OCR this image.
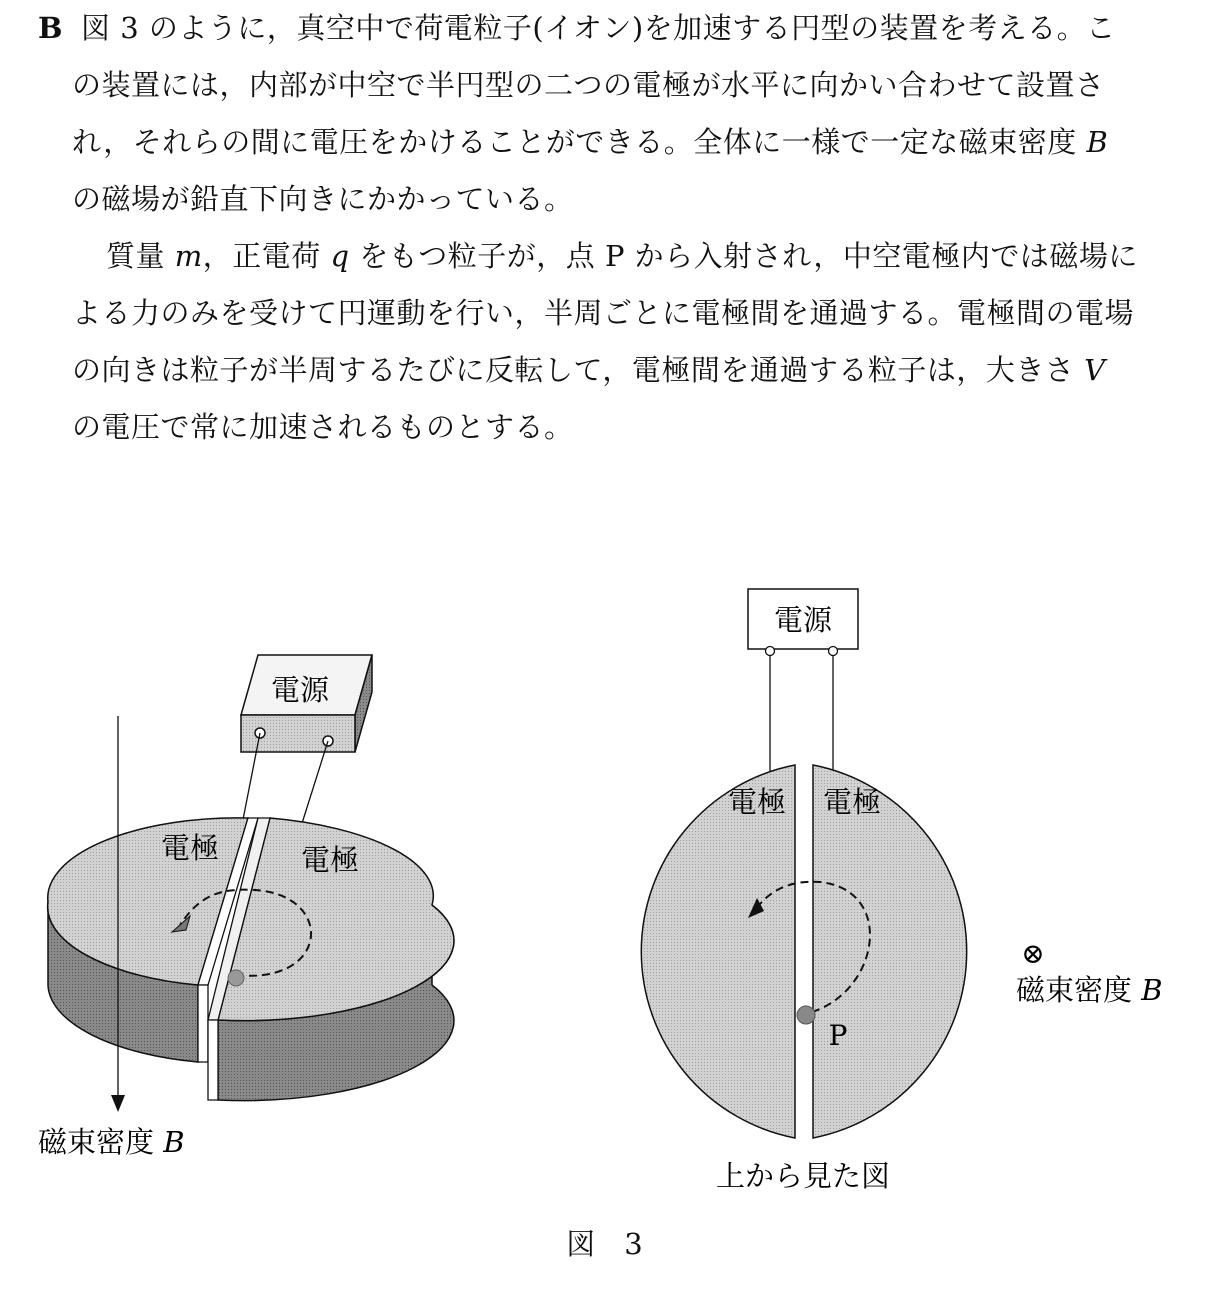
B 図 3 のように，真空中で荷電粒子(イオン)を加速する円型の装置を考える。こ
の装置には，内部が中空で半円型の二つの電極が水平に向かい合わせて設置さ
れ，それらの間に電圧をかけることができる。全体に一様で一定な磁束密度 B
の磁場が鉛直下向きにかかっている。
質量 m，正電荷 q をもつ粒子が，点 P から入射され，中空電極内では磁場に
よる力のみを受けて円運動を行い，半周ごとに電極間を通過する。電極間の電場
の向きは粒子が半周するたびに反転して，電極間を通過する粒子は，大きさ V
の電圧で常に加速されるものとする。
電源
電極	電極
磁束密度 B
電源
電極 電極
P
⊗
磁束密度 B
上から見た図
図　3
